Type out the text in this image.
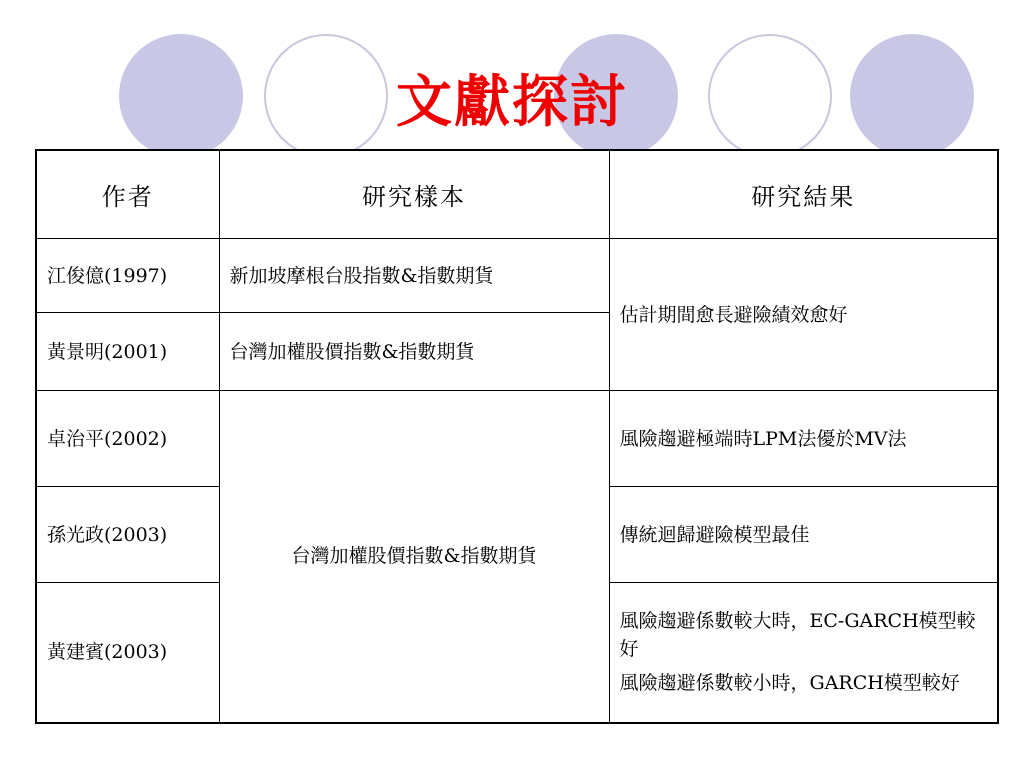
文獻探討
作者	研究樣本	研究結果
江俊億(1997)	新加坡摩根台股指數&指數期貨	估計期間愈長避險績效愈好
黃景明(2001)	台灣加權股價指數&指數期貨	
卓治平(2002)	台灣加權股價指數&指數期貨	風險趨避極端時LPM法優於MV法
孫光政(2003)		傳統迴歸避險模型最佳
黃建賓(2003)		風險趨避係數較大時，EC-GARCH模型較好
風險趨避係數較小時，GARCH模型較好
